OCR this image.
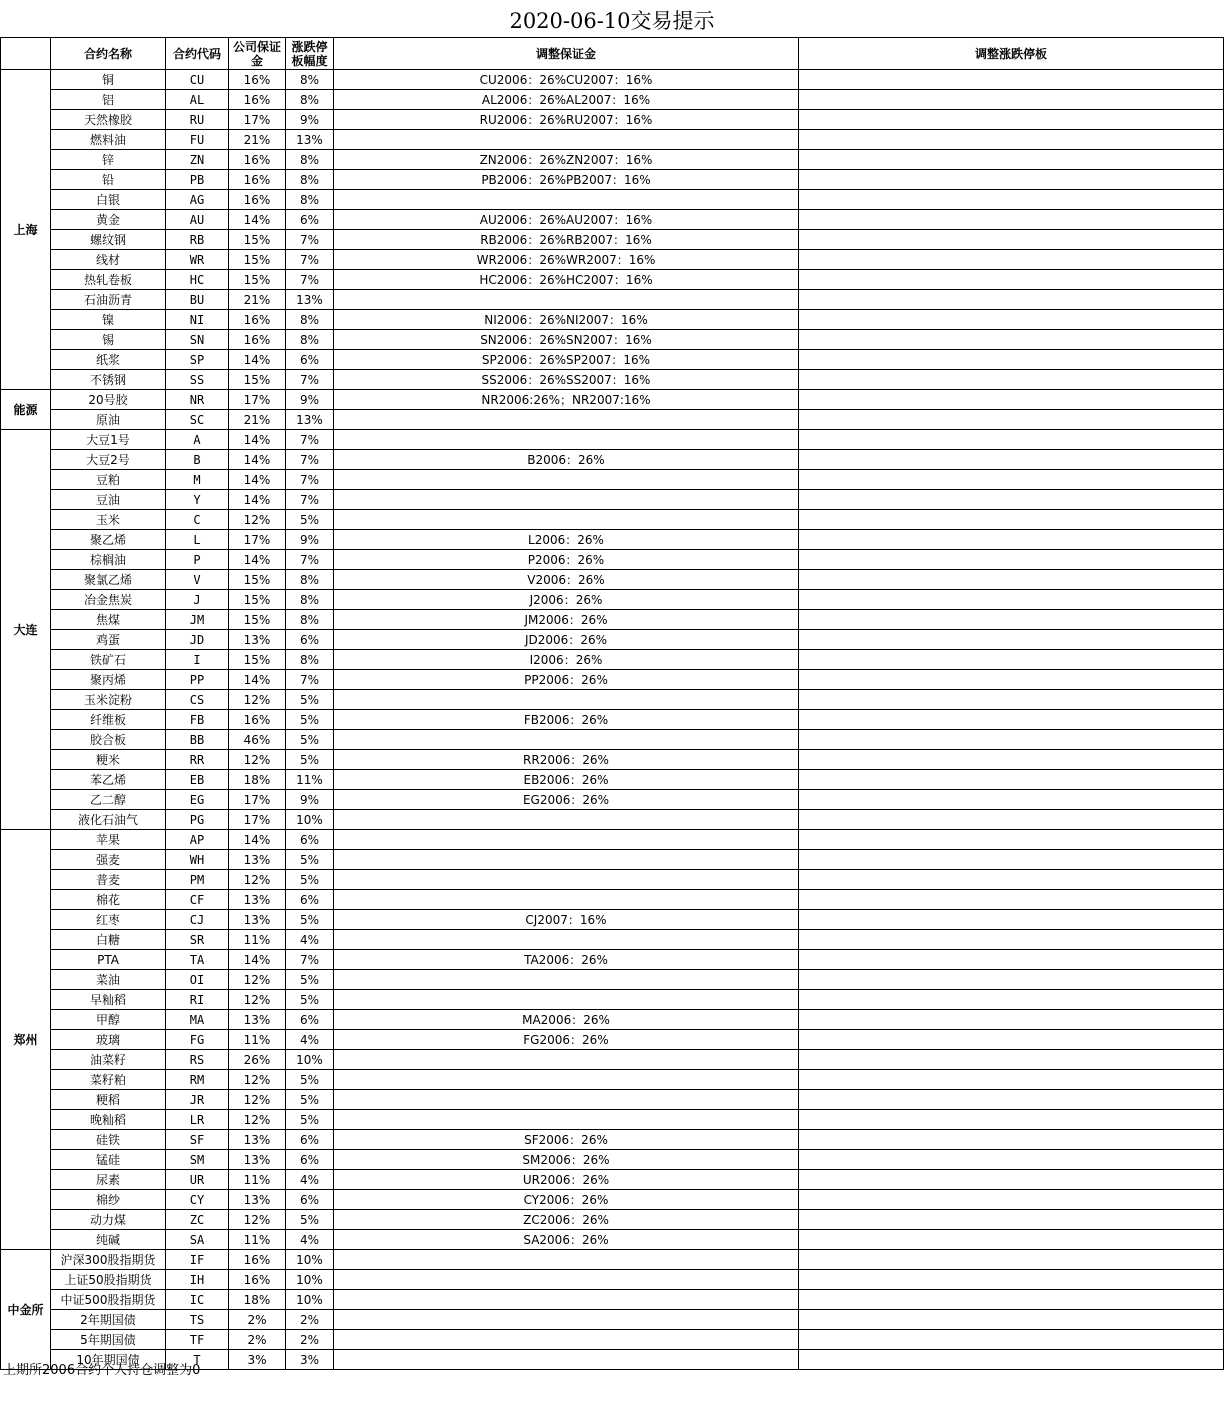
2020-06-10交易提示
	合约名称	合约代码	公司保证金	涨跌停板幅度	调整保证金	调整涨跌停板
上海	铜	CU	16%	8%	CU2006：26%CU2007：16%	
	铝	AL	16%	8%	AL2006：26%AL2007：16%	
	天然橡胶	RU	17%	9%	RU2006：26%RU2007：16%	
	燃料油	FU	21%	13%		
	锌	ZN	16%	8%	ZN2006：26%ZN2007：16%	
	铅	PB	16%	8%	PB2006：26%PB2007：16%	
	白银	AG	16%	8%		
	黄金	AU	14%	6%	AU2006：26%AU2007：16%	
	螺纹钢	RB	15%	7%	RB2006：26%RB2007：16%	
	线材	WR	15%	7%	WR2006：26%WR2007：16%	
	热轧卷板	HC	15%	7%	HC2006：26%HC2007：16%	
	石油沥青	BU	21%	13%		
	镍	NI	16%	8%	NI2006：26%NI2007：16%	
	锡	SN	16%	8%	SN2006：26%SN2007：16%	
	纸浆	SP	14%	6%	SP2006：26%SP2007：16%	
	不锈钢	SS	15%	7%	SS2006：26%SS2007：16%	
能源	20号胶	NR	17%	9%	NR2006:26%；NR2007:16%	
	原油	SC	21%	13%		
大连	大豆1号	A	14%	7%		
	大豆2号	B	14%	7%	B2006：26%	
	豆粕	M	14%	7%		
	豆油	Y	14%	7%		
	玉米	C	12%	5%		
	聚乙烯	L	17%	9%	L2006：26%	
	棕榈油	P	14%	7%	P2006：26%	
	聚氯乙烯	V	15%	8%	V2006：26%	
	冶金焦炭	J	15%	8%	J2006：26%	
	焦煤	JM	15%	8%	JM2006：26%	
	鸡蛋	JD	13%	6%	JD2006：26%	
	铁矿石	I	15%	8%	I2006：26%	
	聚丙烯	PP	14%	7%	PP2006：26%	
	玉米淀粉	CS	12%	5%		
	纤维板	FB	16%	5%	FB2006：26%	
	胶合板	BB	46%	5%		
	粳米	RR	12%	5%	RR2006：26%	
	苯乙烯	EB	18%	11%	EB2006：26%	
	乙二醇	EG	17%	9%	EG2006：26%	
	液化石油气	PG	17%	10%		
郑州	苹果	AP	14%	6%		
	强麦	WH	13%	5%		
	普麦	PM	12%	5%		
	棉花	CF	13%	6%		
	红枣	CJ	13%	5%	CJ2007：16%	
	白糖	SR	11%	4%		
	PTA	TA	14%	7%	TA2006：26%	
	菜油	OI	12%	5%		
	早籼稻	RI	12%	5%		
	甲醇	MA	13%	6%	MA2006：26%	
	玻璃	FG	11%	4%	FG2006：26%	
	油菜籽	RS	26%	10%		
	菜籽粕	RM	12%	5%		
	粳稻	JR	12%	5%		
	晚籼稻	LR	12%	5%		
	硅铁	SF	13%	6%	SF2006：26%	
	锰硅	SM	13%	6%	SM2006：26%	
	尿素	UR	11%	4%	UR2006：26%	
	棉纱	CY	13%	6%	CY2006：26%	
	动力煤	ZC	12%	5%	ZC2006：26%	
	纯碱	SA	11%	4%	SA2006：26%	
中金所	沪深300股指期货	IF	16%	10%		
	上证50股指期货	IH	16%	10%		
	中证500股指期货	IC	18%	10%		
	2年期国债	TS	2%	2%		
	5年期国债	TF	2%	2%		
	10年期国债	T	3%	3%		
上期所2006合约个人持仓调整为0
